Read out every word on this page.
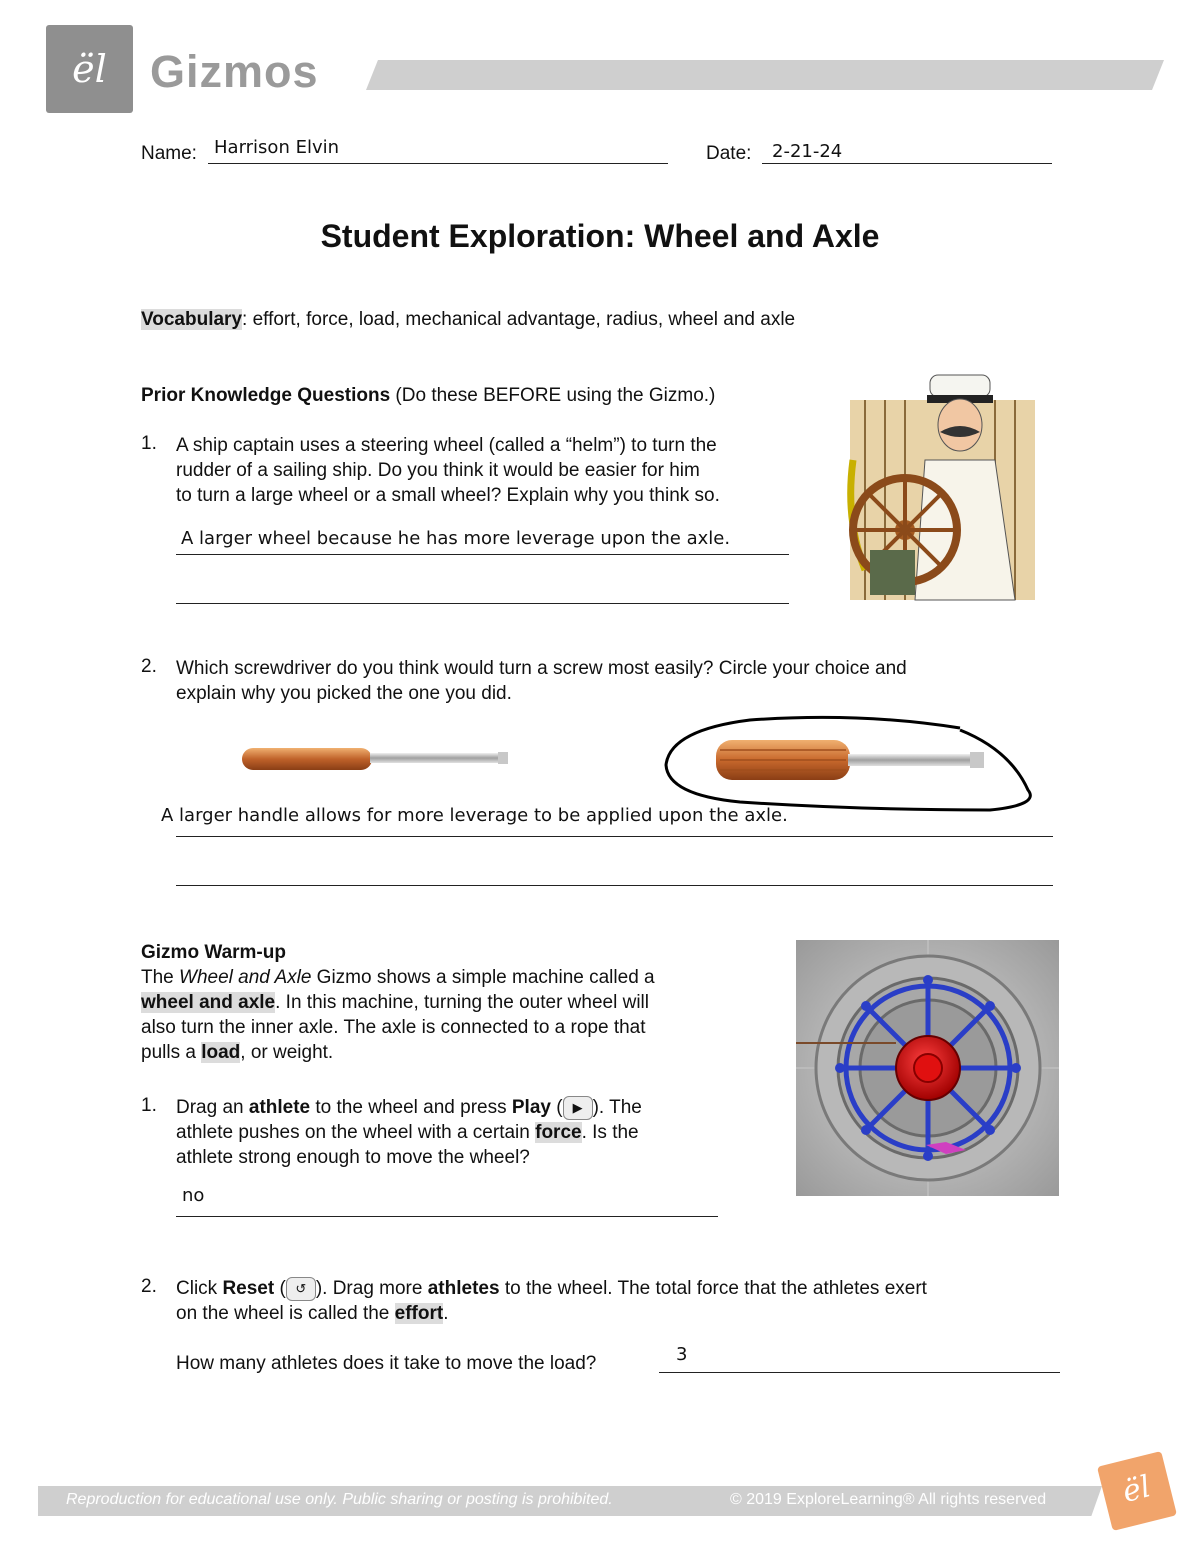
ël Gizmos
Name: Harrison Elvin	Date: 2-21-24
Student Exploration: Wheel and Axle
Vocabulary: effort, force, load, mechanical advantage, radius, wheel and axle
Prior Knowledge Questions (Do these BEFORE using the Gizmo.)
1. A ship captain uses a steering wheel (called a “helm”) to turn the
rudder of a sailing ship. Do you think it would be easier for him
to turn a large wheel or a small wheel? Explain why you think so.
A larger wheel because he has more leverage upon the axle.
2. Which screwdriver do you think would turn a screw most easily? Circle your choice and
explain why you picked the one you did.
A larger handle allows for more leverage to be applied upon the axle.
Gizmo Warm-up
The Wheel and Axle Gizmo shows a simple machine called a
wheel and axle. In this machine, turning the outer wheel will
also turn the inner axle. The axle is connected to a rope that
pulls a load, or weight.
1. Drag an athlete to the wheel and press Play ( ▶ ). The
athlete pushes on the wheel with a certain force. Is the
athlete strong enough to move the wheel?
no
2. Click Reset ( ↺ ). Drag more athletes to the wheel. The total force that the athletes exert
on the wheel is called the effort.
How many athletes does it take to move the load?	3
Reproduction for educational use only. Public sharing or posting is prohibited.	© 2019 ExploreLearning® All rights reserved	ël
